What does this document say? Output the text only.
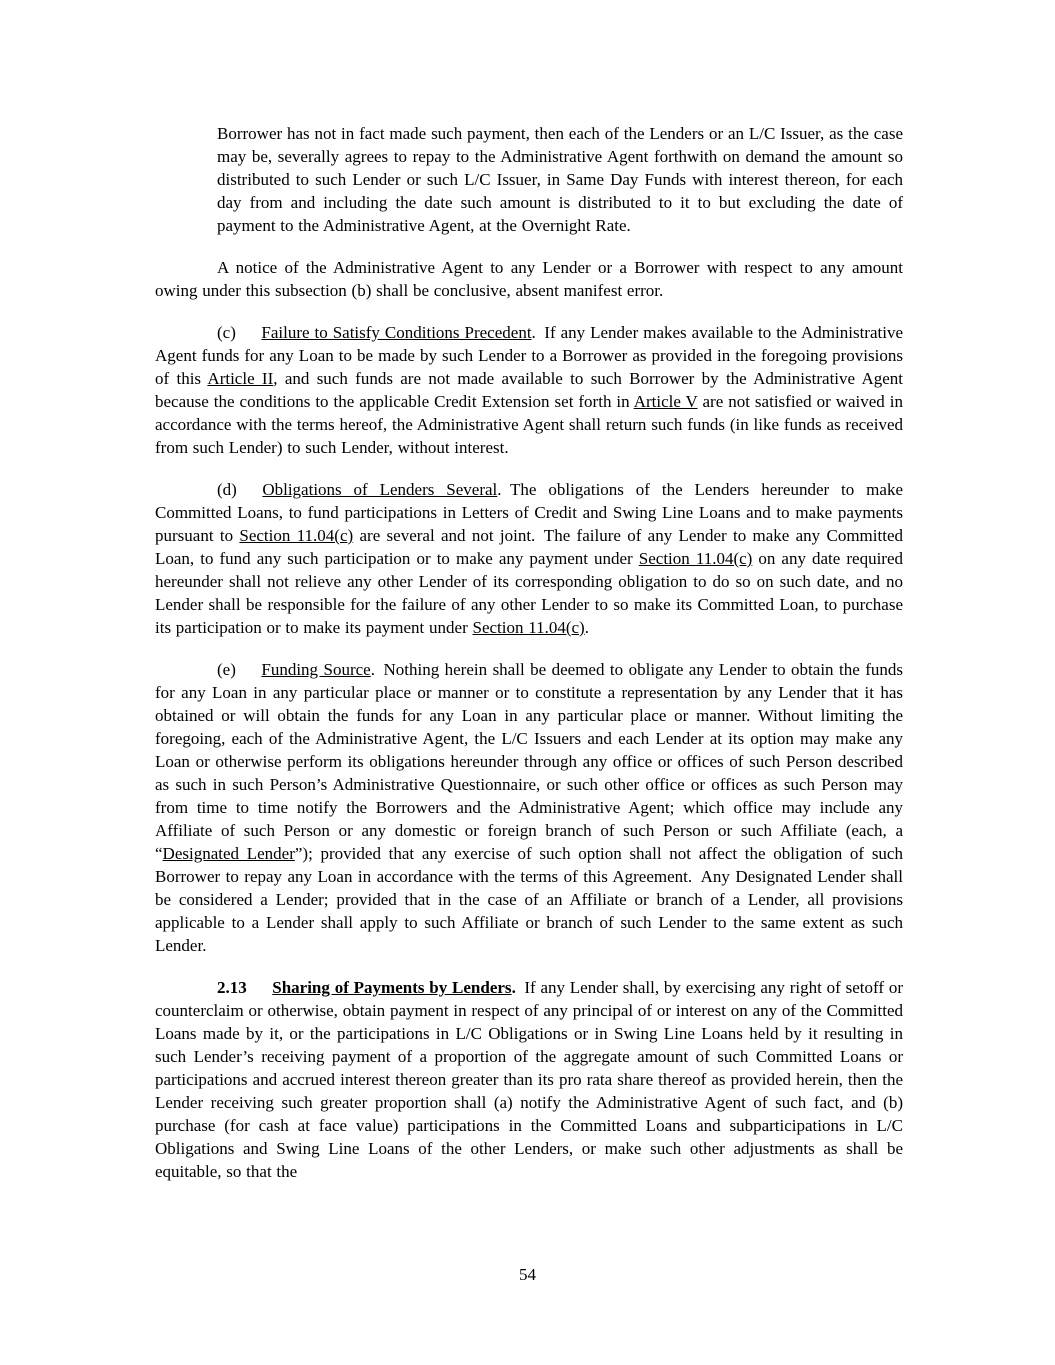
Borrower has not in fact made such payment, then each of the Lenders or an L/C Issuer, as the case may be, severally agrees to repay to the Administrative Agent forthwith on demand the amount so distributed to such Lender or such L/C Issuer, in Same Day Funds with interest thereon, for each day from and including the date such amount is distributed to it to but excluding the date of payment to the Administrative Agent, at the Overnight Rate.

A notice of the Administrative Agent to any Lender or a Borrower with respect to any amount owing under this subsection (b) shall be conclusive, absent manifest error.

(c)  Failure to Satisfy Conditions Precedent. If any Lender makes available to the Administrative Agent funds for any Loan to be made by such Lender to a Borrower as provided in the foregoing provisions of this Article II, and such funds are not made available to such Borrower by the Administrative Agent because the conditions to the applicable Credit Extension set forth in Article V are not satisfied or waived in accordance with the terms hereof, the Administrative Agent shall return such funds (in like funds as received from such Lender) to such Lender, without interest.

(d)  Obligations of Lenders Several. The obligations of the Lenders hereunder to make Committed Loans, to fund participations in Letters of Credit and Swing Line Loans and to make payments pursuant to Section 11.04(c) are several and not joint. The failure of any Lender to make any Committed Loan, to fund any such participation or to make any payment under Section 11.04(c) on any date required hereunder shall not relieve any other Lender of its corresponding obligation to do so on such date, and no Lender shall be responsible for the failure of any other Lender to so make its Committed Loan, to purchase its participation or to make its payment under Section 11.04(c).

(e)  Funding Source. Nothing herein shall be deemed to obligate any Lender to obtain the funds for any Loan in any particular place or manner or to constitute a representation by any Lender that it has obtained or will obtain the funds for any Loan in any particular place or manner. Without limiting the foregoing, each of the Administrative Agent, the L/C Issuers and each Lender at its option may make any Loan or otherwise perform its obligations hereunder through any office or offices of such Person described as such in such Person’s Administrative Questionnaire, or such other office or offices as such Person may from time to time notify the Borrowers and the Administrative Agent; which office may include any Affiliate of such Person or any domestic or foreign branch of such Person or such Affiliate (each, a “Designated Lender”); provided that any exercise of such option shall not affect the obligation of such Borrower to repay any Loan in accordance with the terms of this Agreement. Any Designated Lender shall be considered a Lender; provided that in the case of an Affiliate or branch of a Lender, all provisions applicable to a Lender shall apply to such Affiliate or branch of such Lender to the same extent as such Lender.

2.13  Sharing of Payments by Lenders. If any Lender shall, by exercising any right of setoff or counterclaim or otherwise, obtain payment in respect of any principal of or interest on any of the Committed Loans made by it, or the participations in L/C Obligations or in Swing Line Loans held by it resulting in such Lender’s receiving payment of a proportion of the aggregate amount of such Committed Loans or participations and accrued interest thereon greater than its pro rata share thereof as provided herein, then the Lender receiving such greater proportion shall (a) notify the Administrative Agent of such fact, and (b) purchase (for cash at face value) participations in the Committed Loans and subparticipations in L/C Obligations and Swing Line Loans of the other Lenders, or make such other adjustments as shall be equitable, so that the

54
